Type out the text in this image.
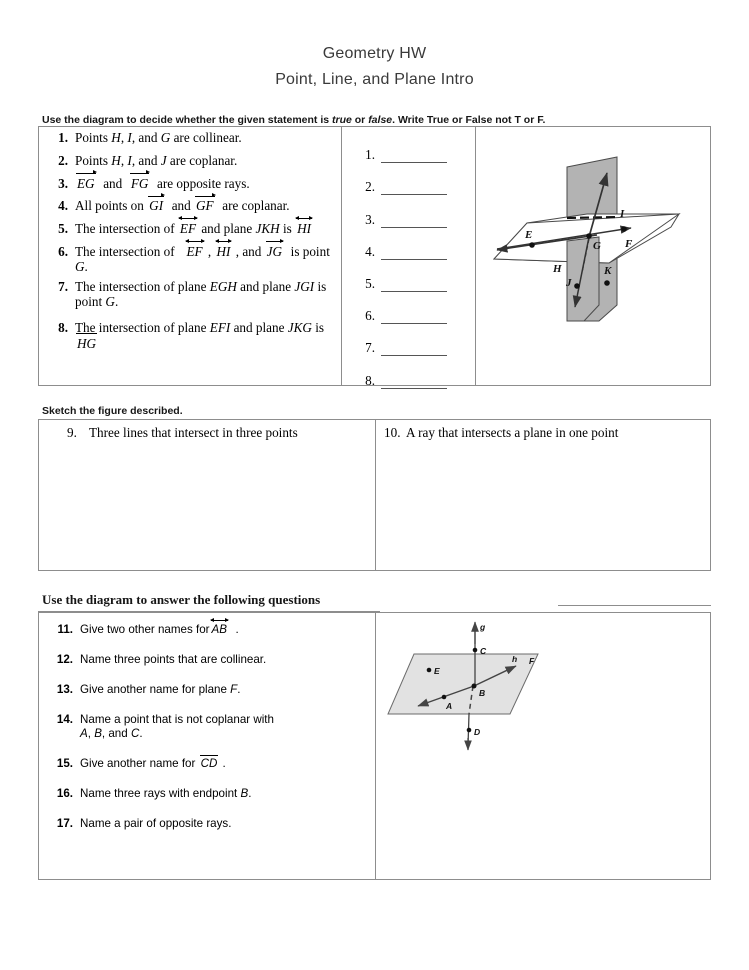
Geometry HW
Point, Line, and Plane Intro
Use the diagram to decide whether the given statement is true or false. Write True or False not T or F.
1. Points H, I, and G are collinear.
2. Points H, I, and J are coplanar.
3. EG  and  FG  are opposite rays.
4. All points on GI  and GF  are coplanar.
5. The intersection of
EF and plane JKH is
HI
6. The intersection of
EF ,
HI , and JG  is point G.
7. The intersection of plane EGH and plane JGI is point G.
8. The intersection of plane EFI and plane JKG is HG
1.
2.
3.
4.
5.
6.
7.
8.
E
F
G
H
I
J
K
Sketch the figure described.
9. Three lines that intersect in three points	10. A ray that intersects a plane in one point
Use the diagram to answer the following questions
11. Give two other names for AB  .
12. Name three points that are collinear.
13. Give another name for plane F.
14. Name a point that is not coplanar with
A, B, and C.
15. Give another name for CD .
16. Name three rays with endpoint B.
17. Name a pair of opposite rays.
g
C
E
h F
B
A
D
